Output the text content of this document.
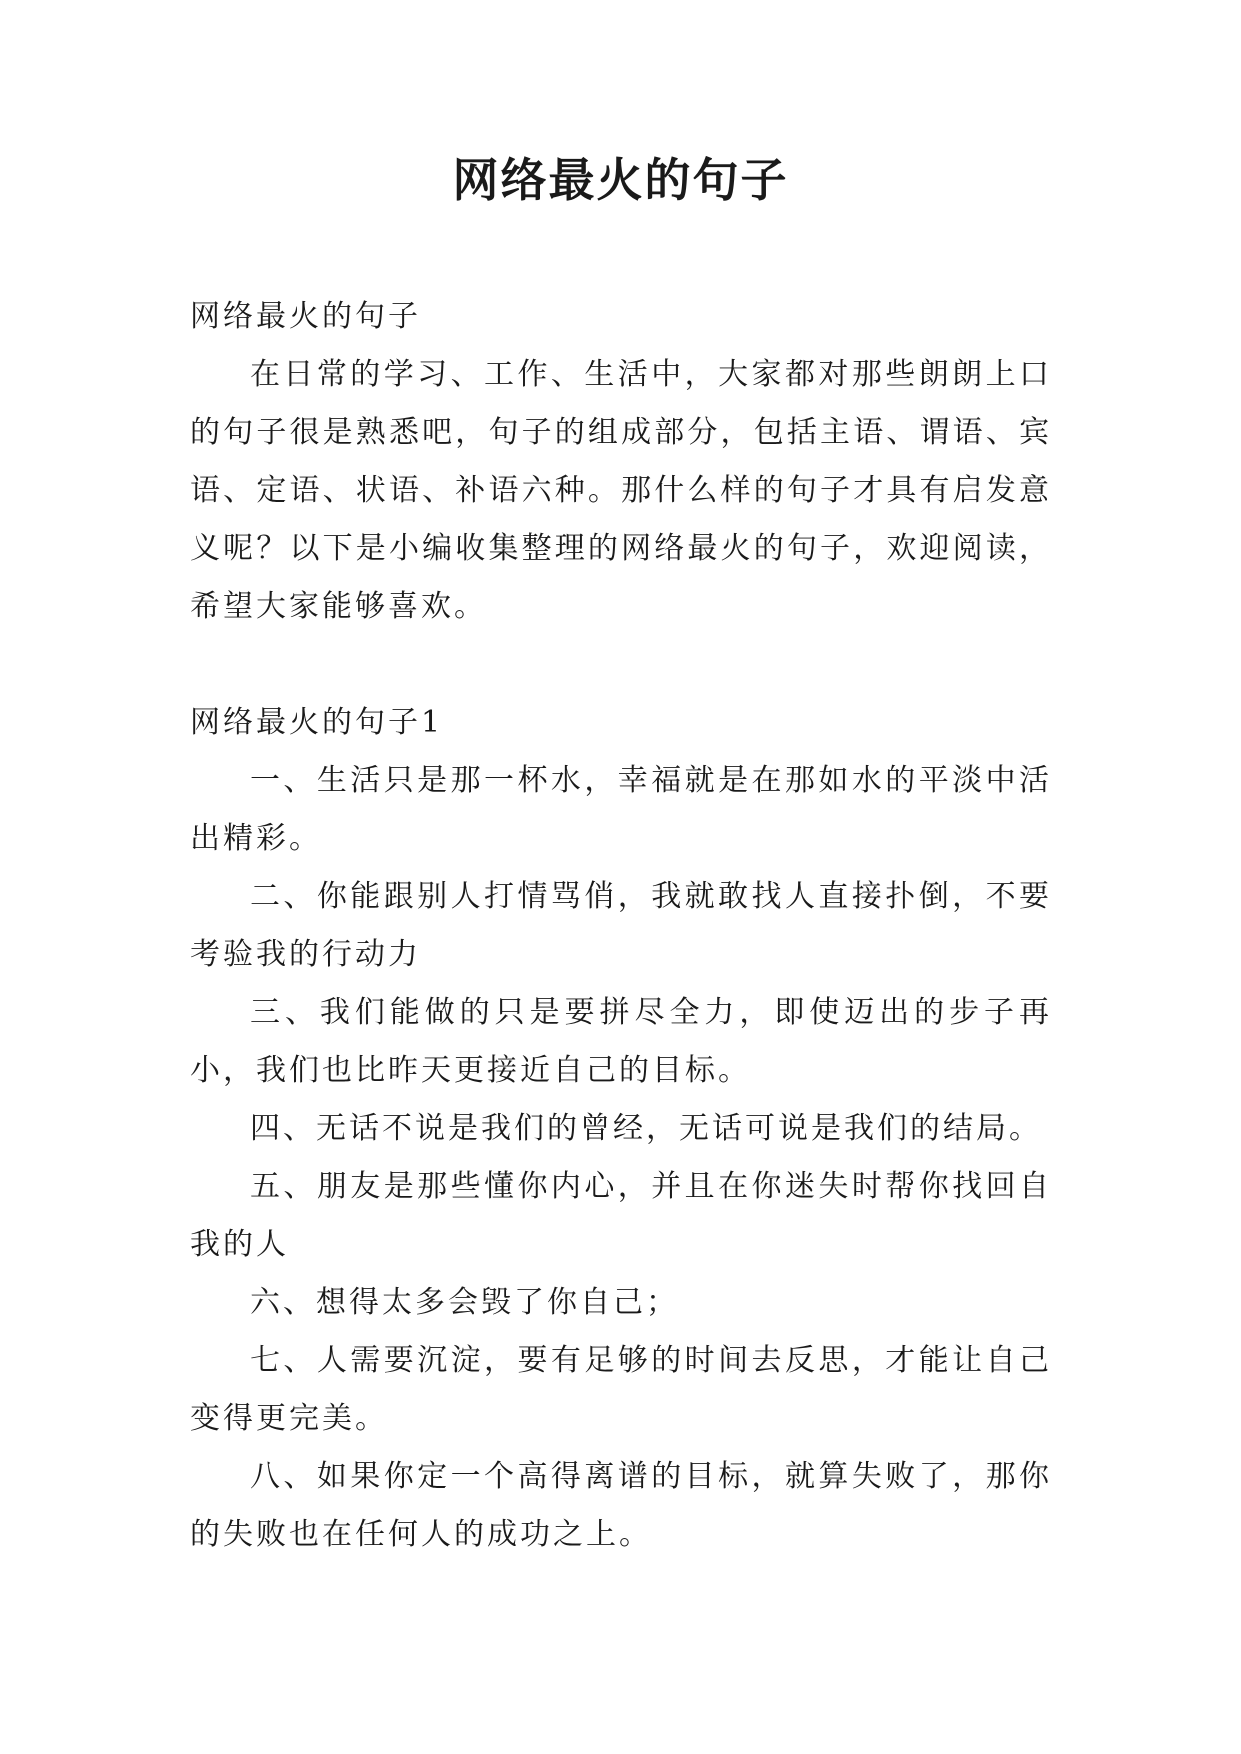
网络最火的句子

网络最火的句子

在日常的学习、工作、生活中，大家都对那些朗朗上口的句子很是熟悉吧，句子的组成部分，包括主语、谓语、宾语、定语、状语、补语六种。那什么样的句子才具有启发意义呢？以下是小编收集整理的网络最火的句子，欢迎阅读，希望大家能够喜欢。

网络最火的句子1

一、生活只是那一杯水，幸福就是在那如水的平淡中活出精彩。

二、你能跟别人打情骂俏，我就敢找人直接扑倒，不要考验我的行动力

三、我们能做的只是要拼尽全力，即使迈出的步子再小，我们也比昨天更接近自己的目标。

四、无话不说是我们的曾经，无话可说是我们的结局。

五、朋友是那些懂你内心，并且在你迷失时帮你找回自我的人

六、想得太多会毁了你自己；

七、人需要沉淀，要有足够的时间去反思，才能让自己变得更完美。

八、如果你定一个高得离谱的目标，就算失败了，那你的失败也在任何人的成功之上。
